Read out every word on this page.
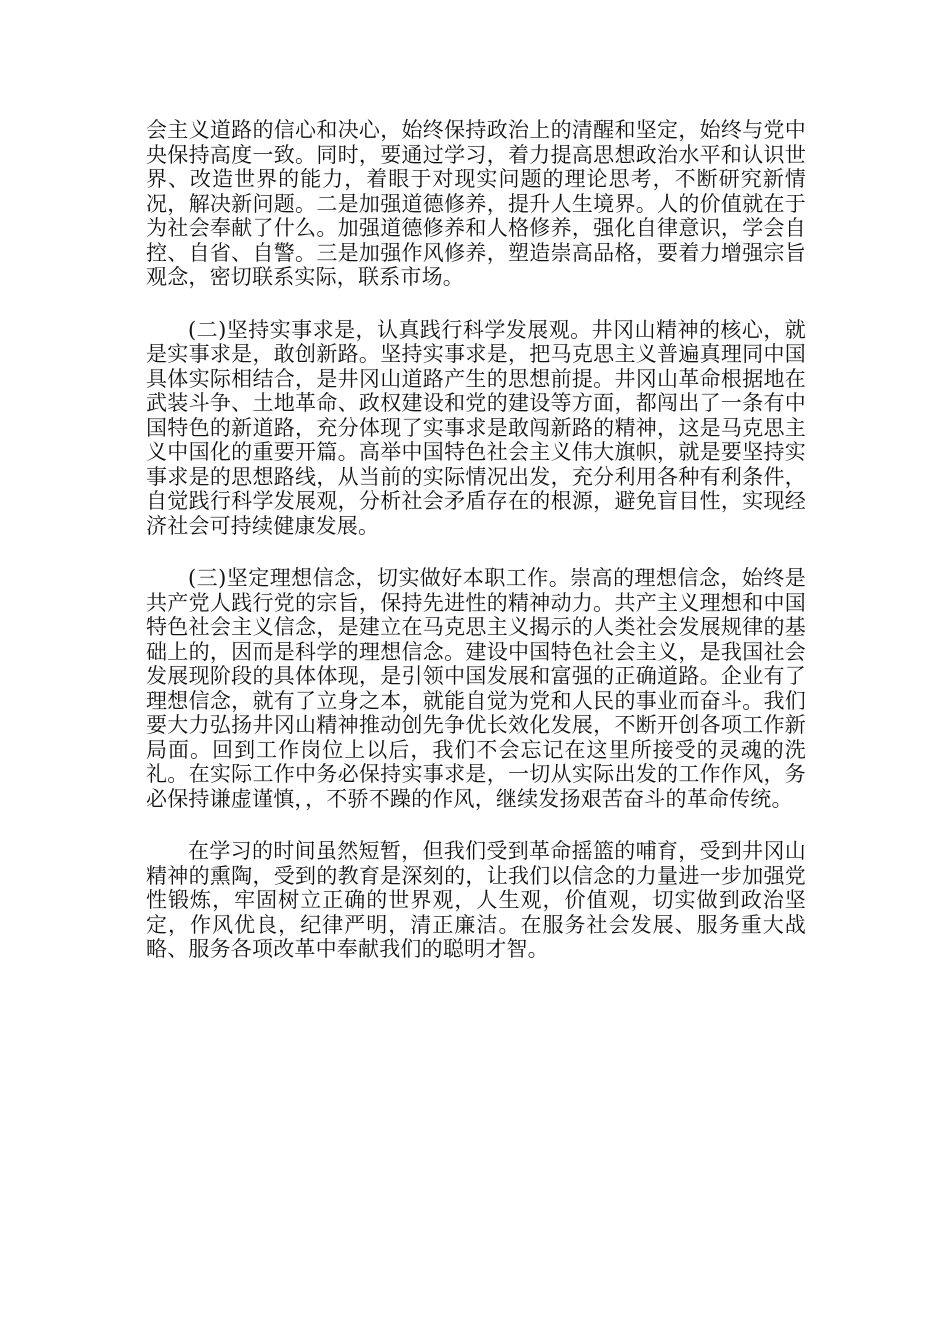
会主义道路的信心和决心，始终保持政治上的清醒和坚定，始终与党中央保持高度一致。同时，要通过学习，着力提高思想政治水平和认识世界、改造世界的能力，着眼于对现实问题的理论思考，不断研究新情况，解决新问题。二是加强道德修养，提升人生境界。人的价值就在于为社会奉献了什么。加强道德修养和人格修养，强化自律意识，学会自控、自省、自警。三是加强作风修养，塑造崇高品格，要着力增强宗旨观念，密切联系实际，联系市场。

(二)坚持实事求是，认真践行科学发展观。井冈山精神的核心，就是实事求是，敢创新路。坚持实事求是，把马克思主义普遍真理同中国具体实际相结合，是井冈山道路产生的思想前提。井冈山革命根据地在武装斗争、土地革命、政权建设和党的建设等方面，都闯出了一条有中国特色的新道路，充分体现了实事求是敢闯新路的精神，这是马克思主义中国化的重要开篇。高举中国特色社会主义伟大旗帜，就是要坚持实事求是的思想路线，从当前的实际情况出发，充分利用各种有利条件，自觉践行科学发展观，分析社会矛盾存在的根源，避免盲目性，实现经济社会可持续健康发展。

(三)坚定理想信念，切实做好本职工作。崇高的理想信念，始终是共产党人践行党的宗旨，保持先进性的精神动力。共产主义理想和中国特色社会主义信念，是建立在马克思主义揭示的人类社会发展规律的基础上的，因而是科学的理想信念。建设中国特色社会主义，是我国社会发展现阶段的具体体现，是引领中国发展和富强的正确道路。企业有了理想信念，就有了立身之本，就能自觉为党和人民的事业而奋斗。我们要大力弘扬井冈山精神推动创先争优长效化发展，不断开创各项工作新局面。回到工作岗位上以后，我们不会忘记在这里所接受的灵魂的洗礼。在实际工作中务必保持实事求是，一切从实际出发的工作作风，务必保持谦虚谨慎，，不骄不躁的作风，继续发扬艰苦奋斗的革命传统。

在学习的时间虽然短暂，但我们受到革命摇篮的哺育，受到井冈山精神的熏陶，受到的教育是深刻的，让我们以信念的力量进一步加强党性锻炼，牢固树立正确的世界观，人生观，价值观，切实做到政治坚定，作风优良，纪律严明，清正廉洁。在服务社会发展、服务重大战略、服务各项改革中奉献我们的聪明才智。
